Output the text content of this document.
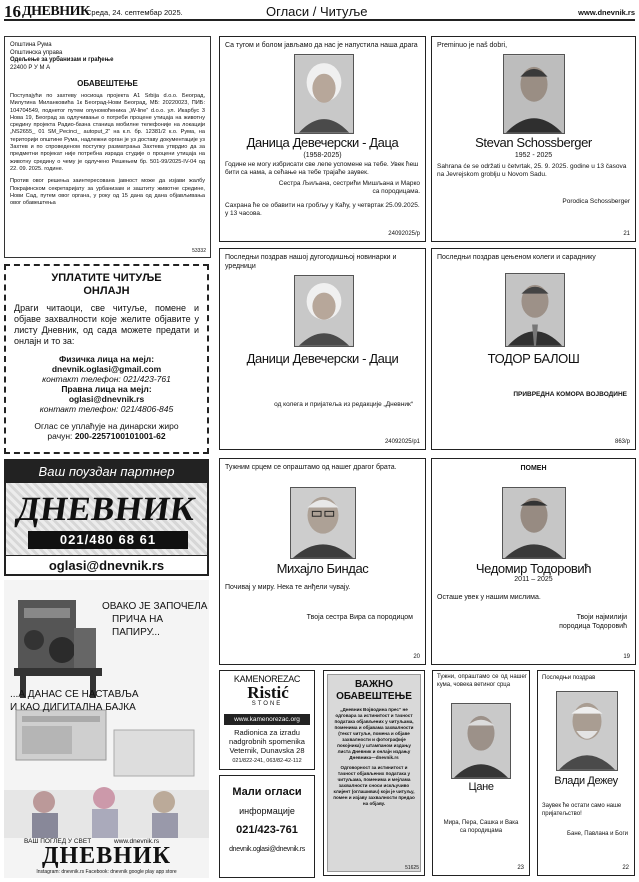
16 ДНЕВНИК
Среда, 24. септембар 2025.	Огласи / Читуље	www.dnevnik.rs
Општина Рума
Општинска управа
Одељење за урбанизам и грађење
22400 Р У М А
ОБАВЕШТЕЊЕ

Поступајући по захтеву носиоца пројекта A1 Srbija d.o.o. Београд, Милутина Миланковића 1к Београд-Нови Београд, МБ: 20220023, ПИБ: 104704549, поднетог путем опуномоћеника „W-line“ d.o.o. ул. Икарбус 3 Нова 19, Београд за одлучивање о потреби процене утицаја на животну средину пројекта Радио-базна станица мобилне телефоније на локацији „NS2655_ 01 SM_Pecinci_ autoput_2“ на к.п. бр. 12381/2 к.о. Рума, на територији општине Рума, надлежни орган је уз доставу документације уз Захтев и по спроведеном поступку разматрања Захтева утврдио да за предметни пројекат није потребна израда студије о процени утицаја на животну средину о чему је одлучено Решењем бр. 501-99/2025-IV-04 од 22. 09. 2025. године.

Против овог решења заинтересована јавност може да изјави жалбу Покрајинском секретаријату за урбанизам и заштиту животне средине, Нови Сад, путем овог органа, у року од 15 дана од дана објављивања овог обавештења

53332
УПЛАТИТЕ ЧИТУЉЕ
ОНЛАЈН

Драги читаоци, све читуље, помене и објаве захвалности које желите објавите у листу Дневник, од сада можете предати и онлајн и то за:

Физичка лица на мејл:
dnevnik.oglasi@gmail.com
контакт телефон: 021/423-761
Правна лица на мејл:
oglasi@dnevnik.rs
контакт телефон: 021/4806-845
Оглас се уплаћује на динарски жиро
рачун: 200-2257100101001-62
Ваш поуздан партнер
ДНЕВНИК
021/480 68 61
oglasi@dnevnik.rs
ОВАКО ЈЕ ЗАПОЧЕЛА
ПРИЧА НА ПАПИРУ...
...А ДАНАС СЕ НАСТАВЉА
И КАО ДИГИТАЛНА БАЈКА
ВАШ ПОГЛЕД У СВЕТ	www.dnevnik.rs
ДНЕВНИК
Instagram: dnevnik.rs Facebook: dnevnik google play app store
Са тугом и болом јављамо да нас је напустила наша драга
Даница Девечерски - Даца
(1958-2025)
Године не могу избрисати све лепе успомене на тебе. Увек ћеш бити са нама, а сећање на тебе трајаће заувек.
Сестра Љиљана, сестрићи Мишљана и Марко
са породицама.
Сахрана ће се обавити на гробљу у Каћу, у четвртак 25.09.2025. у 13 часова.
24092025/р
Preminuo je naš dobri,
Stevan Schossberger
1952 - 2025
Sahrana će se održati u četvrtak, 25. 9. 2025. godine u 13 časova na Jevrejskom groblju u Novom Sadu.
Porodica Schossberger
21
Последњи поздрав нашој дугогодишњој новинарки и уредници
Даници Девечерски - Даци
од колега и пријатеља из редакције „Дневник“
24092025/р1
Последњи поздрав цењеном колеги и сараднику
ТОДОР БАЛОШ
ПРИВРЕДНА КОМОРА ВОЈВОДИНЕ
863/р
Тужним срцем се опраштамо од нашег драгог брата.
Михајло Биндас
Почивај у миру. Нека те анђели чувају.
Твоја сестра Вира са породицом
20
ПОМЕН
Чедомир Тодоровић
2011 – 2025
Осташе увек у нашим мислима.
Твоји најмилији
породица Тодоровић
19
KAMENOREZAC
Ristić
STONE
www.kamenorezac.org
Radionica za izradu
nadgrobnih spomenika
Veternik, Dunavska 28
021/822-241, 063/82-42-112
Мали огласи
информације
021/423-761
dnevnik.oglasi@dnevnik.rs
ВАЖНО
ОБАВЕШТЕЊЕ
„Дневник Војводина прес“ не одговара за истинитост и тачност података објављених у читуљама, поменима и објавама захвалности (текст читуље, помена и објаве захвалности и фотографије покојника) у штампаном издању листа Дневник и онлајн издању Дневника—dnevnik.rs
Одговорност за истинитост и тачност објављених података у читуљама, поменима и мејлама захвалности сноси искључиво клијент (оглашивач) који је читуљу, помен и изјаву захвалности предао на објаву.
51625
Тужни, опраштамо се од нашег кума, човека ветиног срца
Цане
Мира, Пера, Сашка и Вака
са породицама
23
Последњи поздрав
Влади Дежеу
Заувек ће остати само наше пријатељство!
Бане, Павлана и Боги
22
